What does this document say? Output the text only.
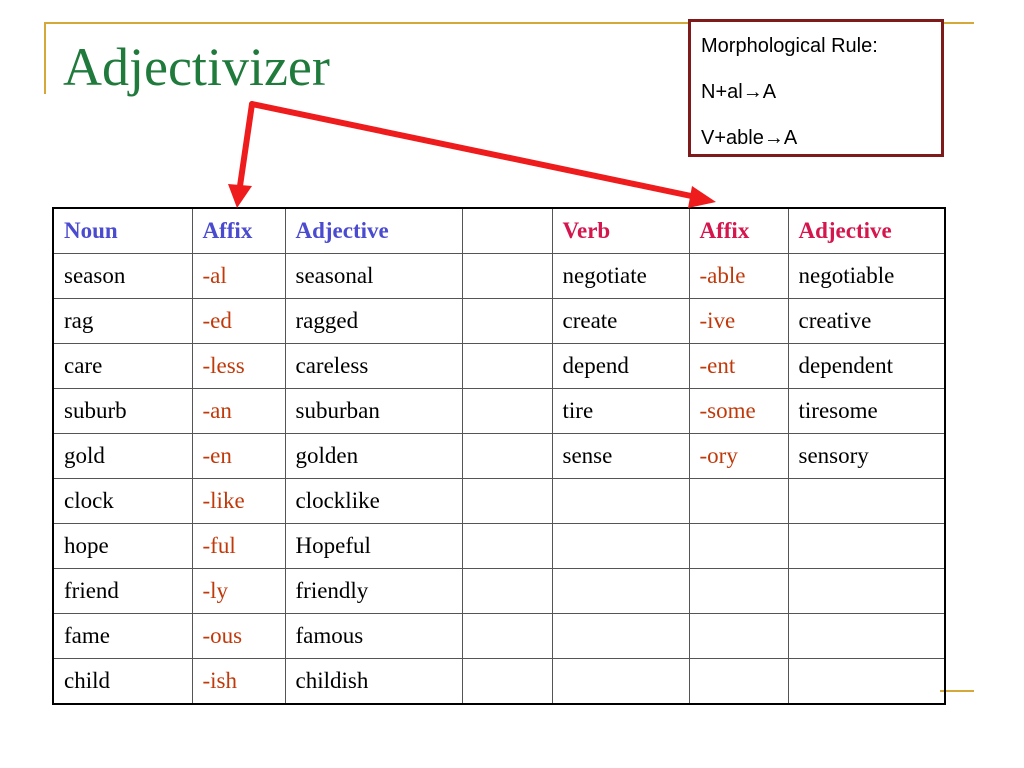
Adjectivizer	Morphological Rule:
N+al→A
V+able→A
Noun	Affix	Adjective		Verb	Affix	Adjective
season	-al	seasonal		negotiate	-able	negotiable
rag	-ed	ragged		create	-ive	creative
care	-less	careless		depend	-ent	dependent
suburb	-an	suburban		tire	-some	tiresome
gold	-en	golden		sense	-ory	sensory
clock	-like	clocklike				
hope	-ful	Hopeful				
friend	-ly	friendly				
fame	-ous	famous				
child	-ish	childish				
